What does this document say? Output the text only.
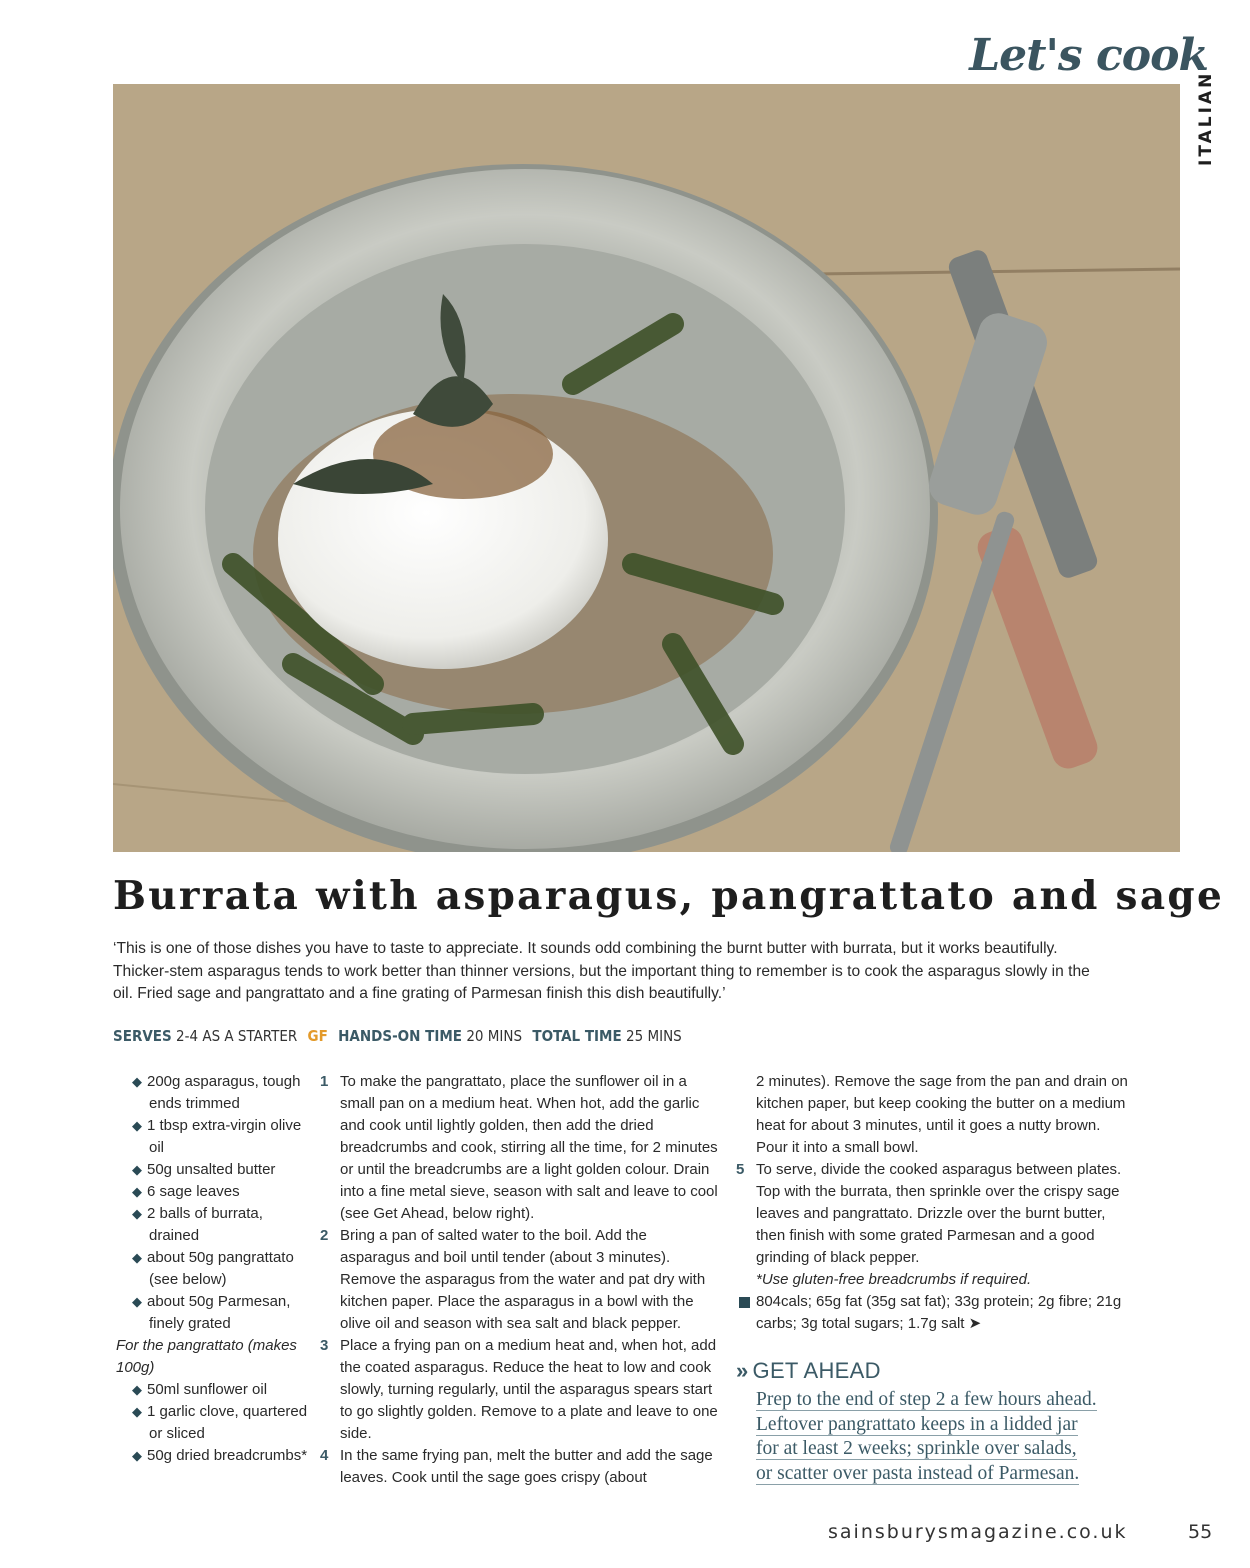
Let's cook
ITALIAN
Burrata with asparagus, pangrattato and sage

‘This is one of those dishes you have to taste to appreciate. It sounds odd combining the burnt butter with burrata, but it works beautifully. Thicker-stem asparagus tends to work better than thinner versions, but the important thing to remember is to cook the asparagus slowly in the oil. Fried sage and pangrattato and a fine grating of Parmesan finish this dish beautifully.’

SERVES 2-4 AS A STARTER GF HANDS-ON TIME 20 MINS TOTAL TIME 25 MINS
◆ 200g asparagus, tough ends trimmed
◆ 1 tbsp extra-virgin olive oil
◆ 50g unsalted butter
◆ 6 sage leaves
◆ 2 balls of burrata, drained
◆ about 50g pangrattato (see below)
◆ about 50g Parmesan, finely grated
For the pangrattato (makes 100g)
◆ 50ml sunflower oil
◆ 1 garlic clove, quartered or sliced
◆ 50g dried breadcrumbs*
1 To make the pangrattato, place the sunflower oil in a small pan on a medium heat. When hot, add the garlic and cook until lightly golden, then add the dried breadcrumbs and cook, stirring all the time, for 2 minutes or until the breadcrumbs are a light golden colour. Drain into a fine metal sieve, season with salt and leave to cool (see Get Ahead, below right).
2 Bring a pan of salted water to the boil. Add the asparagus and boil until tender (about 3 minutes). Remove the asparagus from the water and pat dry with kitchen paper. Place the asparagus in a bowl with the olive oil and season with sea salt and black pepper.
3 Place a frying pan on a medium heat and, when hot, add the coated asparagus. Reduce the heat to low and cook slowly, turning regularly, until the asparagus spears start to go slightly golden. Remove to a plate and leave to one side.
4 In the same frying pan, melt the butter and add the sage leaves. Cook until the sage goes crispy (about
2 minutes). Remove the sage from the pan and drain on kitchen paper, but keep cooking the butter on a medium heat for about 3 minutes, until it goes a nutty brown. Pour it into a small bowl.
5 To serve, divide the cooked asparagus between plates. Top with the burrata, then sprinkle over the crispy sage leaves and pangrattato. Drizzle over the burnt butter, then finish with some grated Parmesan and a good grinding of black pepper.
*Use gluten-free breadcrumbs if required.
804cals; 65g fat (35g sat fat); 33g protein; 2g fibre; 21g carbs; 3g total sugars; 1.7g salt ➤
» GET AHEAD
Prep to the end of step 2 a few hours ahead.
Leftover pangrattato keeps in a lidded jar
for at least 2 weeks; sprinkle over salads,
or scatter over pasta instead of Parmesan.
sainsburysmagazine.co.uk	55
